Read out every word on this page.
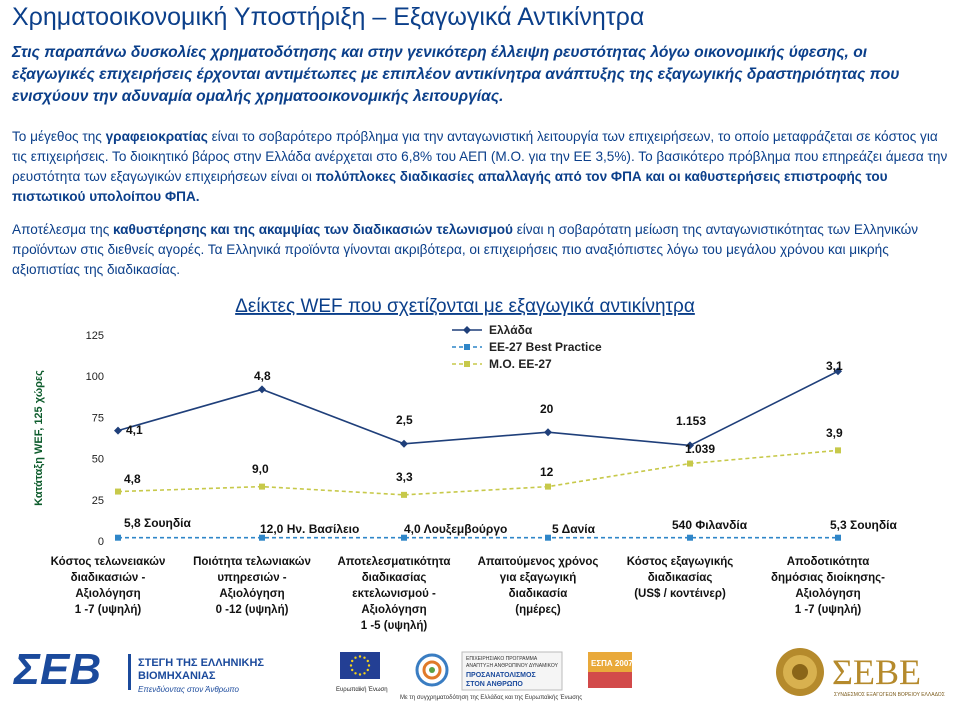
Χρηματοοικονομική Υποστήριξη – Εξαγωγικά Αντικίνητρα
Στις παραπάνω δυσκολίες χρηματοδότησης και στην γενικότερη έλλειψη ρευστότητας λόγω οικονομικής ύφεσης, οι εξαγωγικές επιχειρήσεις έρχονται αντιμέτωπες με επιπλέον αντικίνητρα ανάπτυξης της εξαγωγικής δραστηριότητας που ενισχύουν την αδυναμία ομαλής χρηματοοικονομικής λειτουργίας.
Το μέγεθος της γραφειοκρατίας είναι το σοβαρότερο πρόβλημα για την ανταγωνιστική λειτουργία των επιχειρήσεων, το οποίο μεταφράζεται σε κόστος για τις επιχειρήσεις. Το διοικητικό βάρος στην Ελλάδα ανέρχεται στο 6,8% του ΑΕΠ (Μ.Ο. για την ΕΕ 3,5%). Το βασικότερο πρόβλημα που επηρεάζει άμεσα την ρευστότητα των εξαγωγικών επιχειρήσεων είναι οι πολύπλοκες διαδικασίες απαλλαγής από τον ΦΠΑ και οι καθυστερήσεις επιστροφής του πιστωτικού υπολοίπου ΦΠΑ.
Αποτέλεσμα της καθυστέρησης και της ακαμψίας των διαδικασιών τελωνισμού είναι η σοβαρότατη μείωση της ανταγωνιστικότητας των Ελληνικών προϊόντων στις διεθνείς αγορές. Τα Ελληνικά προϊόντα γίνονται ακριβότερα, οι επιχειρήσεις πιο αναξιόπιστες λόγω του μεγάλου χρόνου και μικρής αξιοπιστίας της διαδικασίας.
Δείκτες WEF που σχετίζονται με εξαγωγικά αντικίνητρα
Κατάταξη WEF, 125 χώρες
0
25
50
75
100
125
4,1
4,8
2,5
20
1.153
3,1
5,8 Σουηδία	12,0 Ην. Βασίλειο	4,0 Λουξεμβούργο	5 Δανία	540 Φιλανδία	5,3 Σουηδία
4,8
9,0
3,3	12
1.039
3,9
Ελλάδα
EE-27 Best Practice
Μ.Ο. ΕΕ-27
Κόστος τελωνειακών
διαδικασιών -
Αξιολόγηση
1 -7 (υψηλή)
Ποιότητα τελωνιακών
υπηρεσιών -
Αξιολόγηση
0 -12 (υψηλή)
Αποτελεσματικότητα
διαδικασίας
εκτελωνισμού -
Αξιολόγηση
1 -5 (υψηλή)
Απαιτούμενος χρόνος
για εξαγωγική
διαδικασία
(ημέρες)
Κόστος εξαγωγικής
διαδικασίας
(US$ / κοντέινερ)
Αποδοτικότητα
δημόσιας διοίκησης-
Αξιολόγηση
1 -7 (υψηλή)
ΣΕΒ	ΣΤΕΓΗ ΤΗΣ ΕΛΛΗΝΙΚΗΣ
ΒΙΟΜΗΧΑΝΙΑΣ
Επενδύοντας στον Άνθρωπο	Ευρωπαϊκή Ένωση
ΕΠΙΧΕΙΡΗΣΙΑΚΟ ΠΡΟΓΡΑΜΜΑ
ΑΝΑΠΤΥΞΗ ΑΝΘΡΩΠΙΝΟΥ ΔΥΝΑΜΙΚΟΥ
ΠΡΟΣΑΝΑΤΟΛΙΣΜΟΣ
ΣΤΟΝ ΑΝΘΡΩΠΟ
ΕΣΠΑ 2007-2013	ΣΕΒΕ
ΣΥΝΔΕΣΜΟΣ ΕΞΑΓΩΓΕΩΝ ΒΟΡΕΙΟΥ ΕΛΛΑΔΟΣ
Με τη συγχρηματοδότηση της Ελλάδας και της Ευρωπαϊκής Ένωσης
